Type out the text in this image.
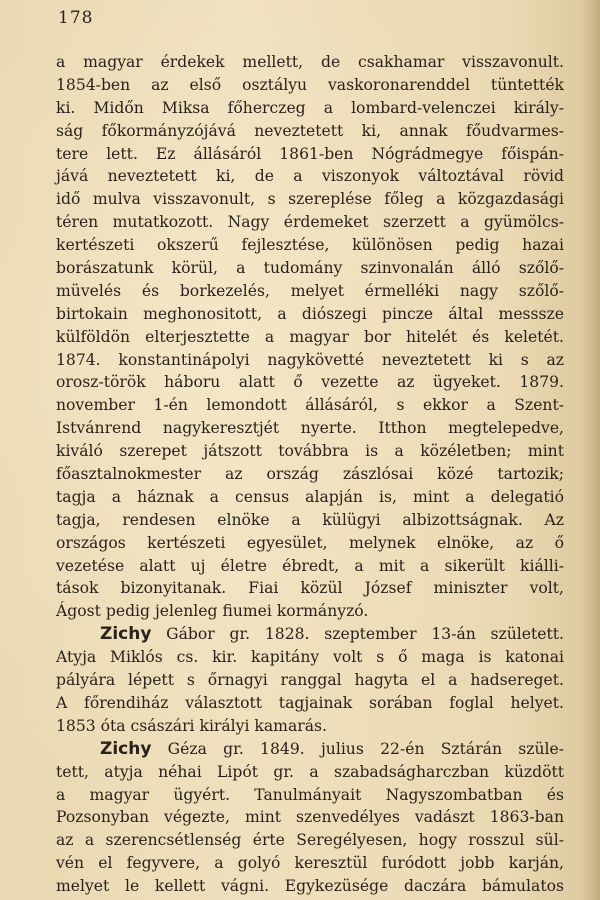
178
a magyar érdekek mellett, de csakhamar visszavonult.
1854-ben az első osztályu vaskoronarenddel tüntették
ki. Midőn Miksa főherczeg a lombard-velenczei király-
ság főkormányzójává neveztetett ki, annak főudvarmes-
tere lett. Ez állásáról 1861-ben Nógrádmegye főispán-
jává neveztetett ki, de a viszonyok változtával rövid
idő mulva visszavonult, s szereplése főleg a közgazdasági
téren mutatkozott. Nagy érdemeket szerzett a gyümölcs-
kertészeti okszerű fejlesztése, különösen pedig hazai
borászatunk körül, a tudomány szinvonalán álló szőlő-
müvelés és borkezelés, melyet érmelléki nagy szőlő-
birtokain meghonositott, a diószegi pincze által messsze
külföldön elterjesztette a magyar bor hitelét és keletét.
1874. konstantinápolyi nagykövetté neveztetett ki s az
orosz-török háboru alatt ő vezette az ügyeket. 1879.
november 1-én lemondott állásáról, s ekkor a Szent-
Istvánrend nagykeresztjét nyerte. Itthon megtelepedve,
kiváló szerepet játszott továbbra is a közéletben; mint
főasztalnokmester az ország zászlósai közé tartozik;
tagja a háznak a census alapján is, mint a delegatió
tagja, rendesen elnöke a külügyi albizottságnak. Az
országos kertészeti egyesület, melynek elnöke, az ő
vezetése alatt uj életre ébredt, a mit a sikerült kiálli-
tások bizonyitanak. Fiai közül József miniszter volt,
Ágost pedig jelenleg fiumei kormányzó.
Zichy Gábor gr. 1828. szeptember 13-án született.
Atyja Miklós cs. kir. kapitány volt s ő maga is katonai
pályára lépett s őrnagyi ranggal hagyta el a hadsereget.
A főrendiház választott tagjainak sorában foglal helyet.
1853 óta császári királyi kamarás.
Zichy Géza gr. 1849. julius 22-én Sztárán szüle-
tett, atyja néhai Lipót gr. a szabadságharczban küzdött
a magyar ügyért. Tanulmányait Nagyszombatban és
Pozsonyban végezte, mint szenvedélyes vadászt 1863-ban
az a szerencsétlenség érte Seregélyesen, hogy rosszul sül-
vén el fegyvere, a golyó keresztül furódott jobb karján,
melyet le kellett vágni. Egykezüsége daczára bámulatos
